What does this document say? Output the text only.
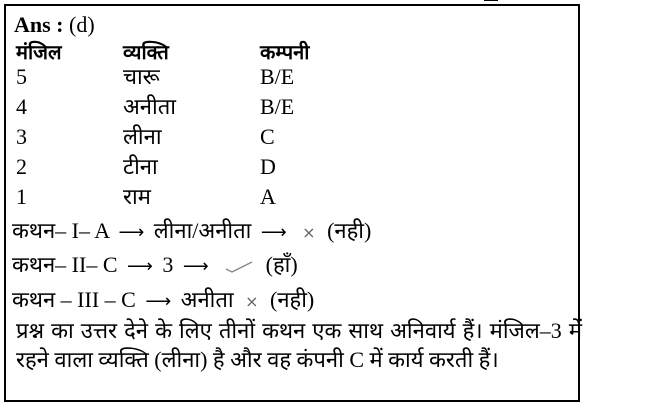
Ans : (d)
मंजिल	व्यक्ति	कम्पनी
5	चारू	B/E
4	अनीता	B/E
3	लीना	C
2	टीना	D
1	राम	A
कथन– I– A ⟶ लीना/अनीता ⟶ × (नही)
कथन– II– C ⟶ 3 ⟶	(हाँ)
कथन – III – C ⟶ अनीता × (नही)
प्रश्न का उत्तर देने के लिए तीनों कथन एक साथ अनिवार्य हैं। मंजिल–3 में रहने वाला व्यक्ति (लीना) है और वह कंपनी C में कार्य करती हैं।
